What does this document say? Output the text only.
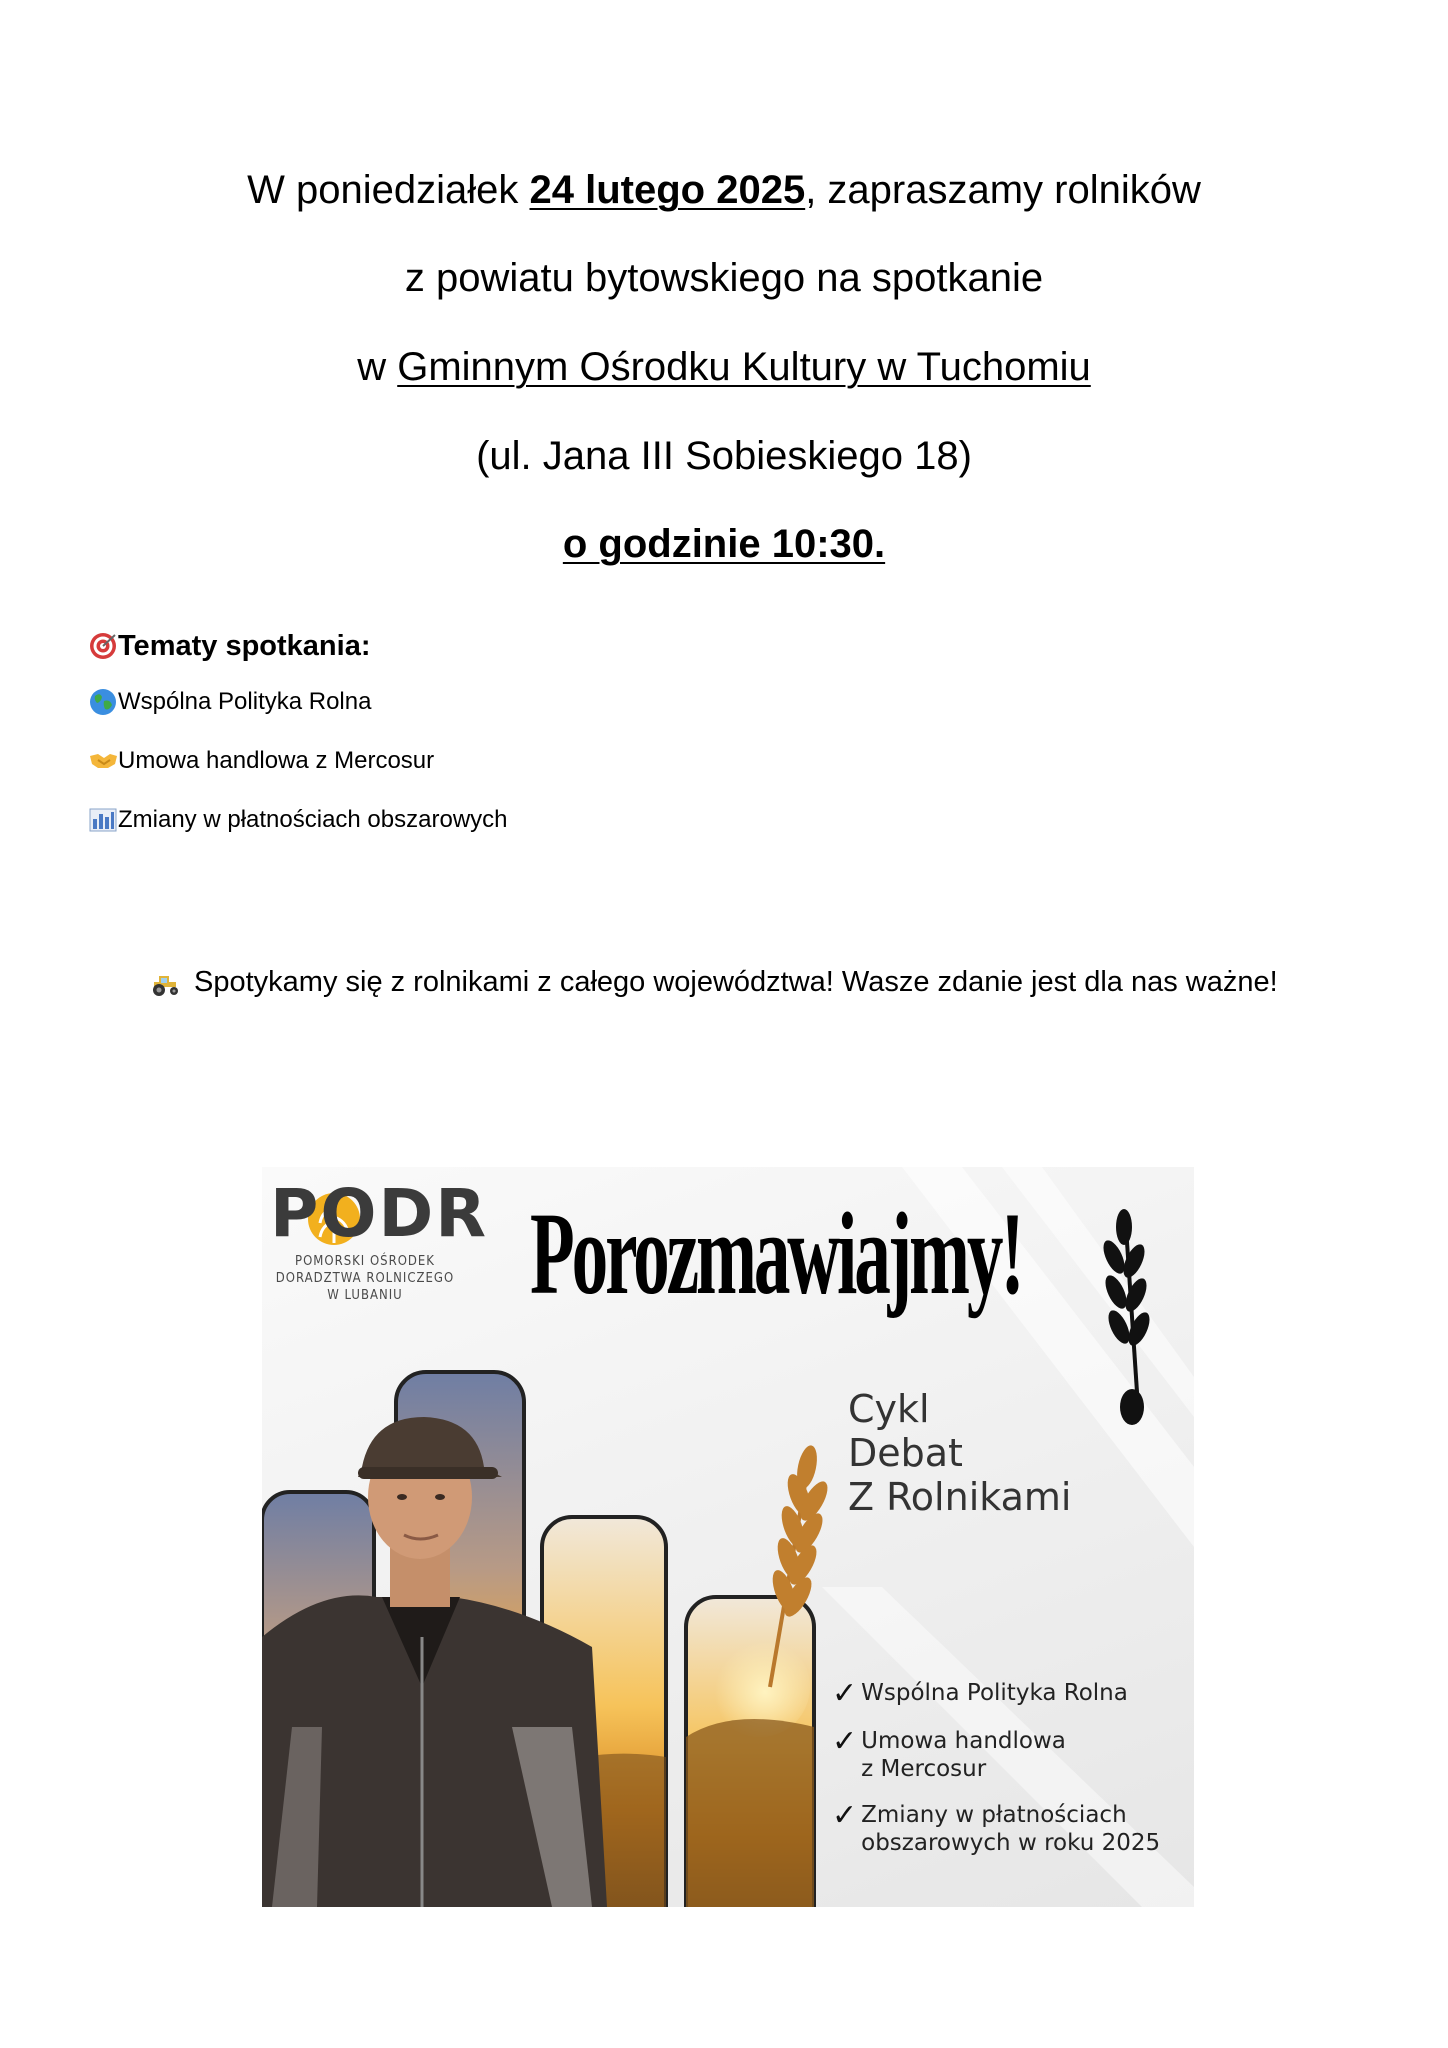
W poniedziałek 24 lutego 2025, zapraszamy rolników
z powiatu bytowskiego na spotkanie
w Gminnym Ośrodku Kultury w Tuchomiu
(ul. Jana III Sobieskiego 18)
o godzinie 10:30.
Tematy spotkania:
Wspólna Polityka Rolna
Umowa handlowa z Mercosur
Zmiany w płatnościach obszarowych
Spotykamy się z rolnikami z całego województwa! Wasze zdanie jest dla nas ważne!
PODR
POMORSKI OŚRODEK
DORADZTWA ROLNICZEGO
W LUBANIU	Porozmawiajmy!
Cykl
Debat
Z Rolnikami
✓ Wspólna Polityka Rolna
✓ Umowa handlowa
z Mercosur
✓ Zmiany w płatnościach
obszarowych w roku 2025
